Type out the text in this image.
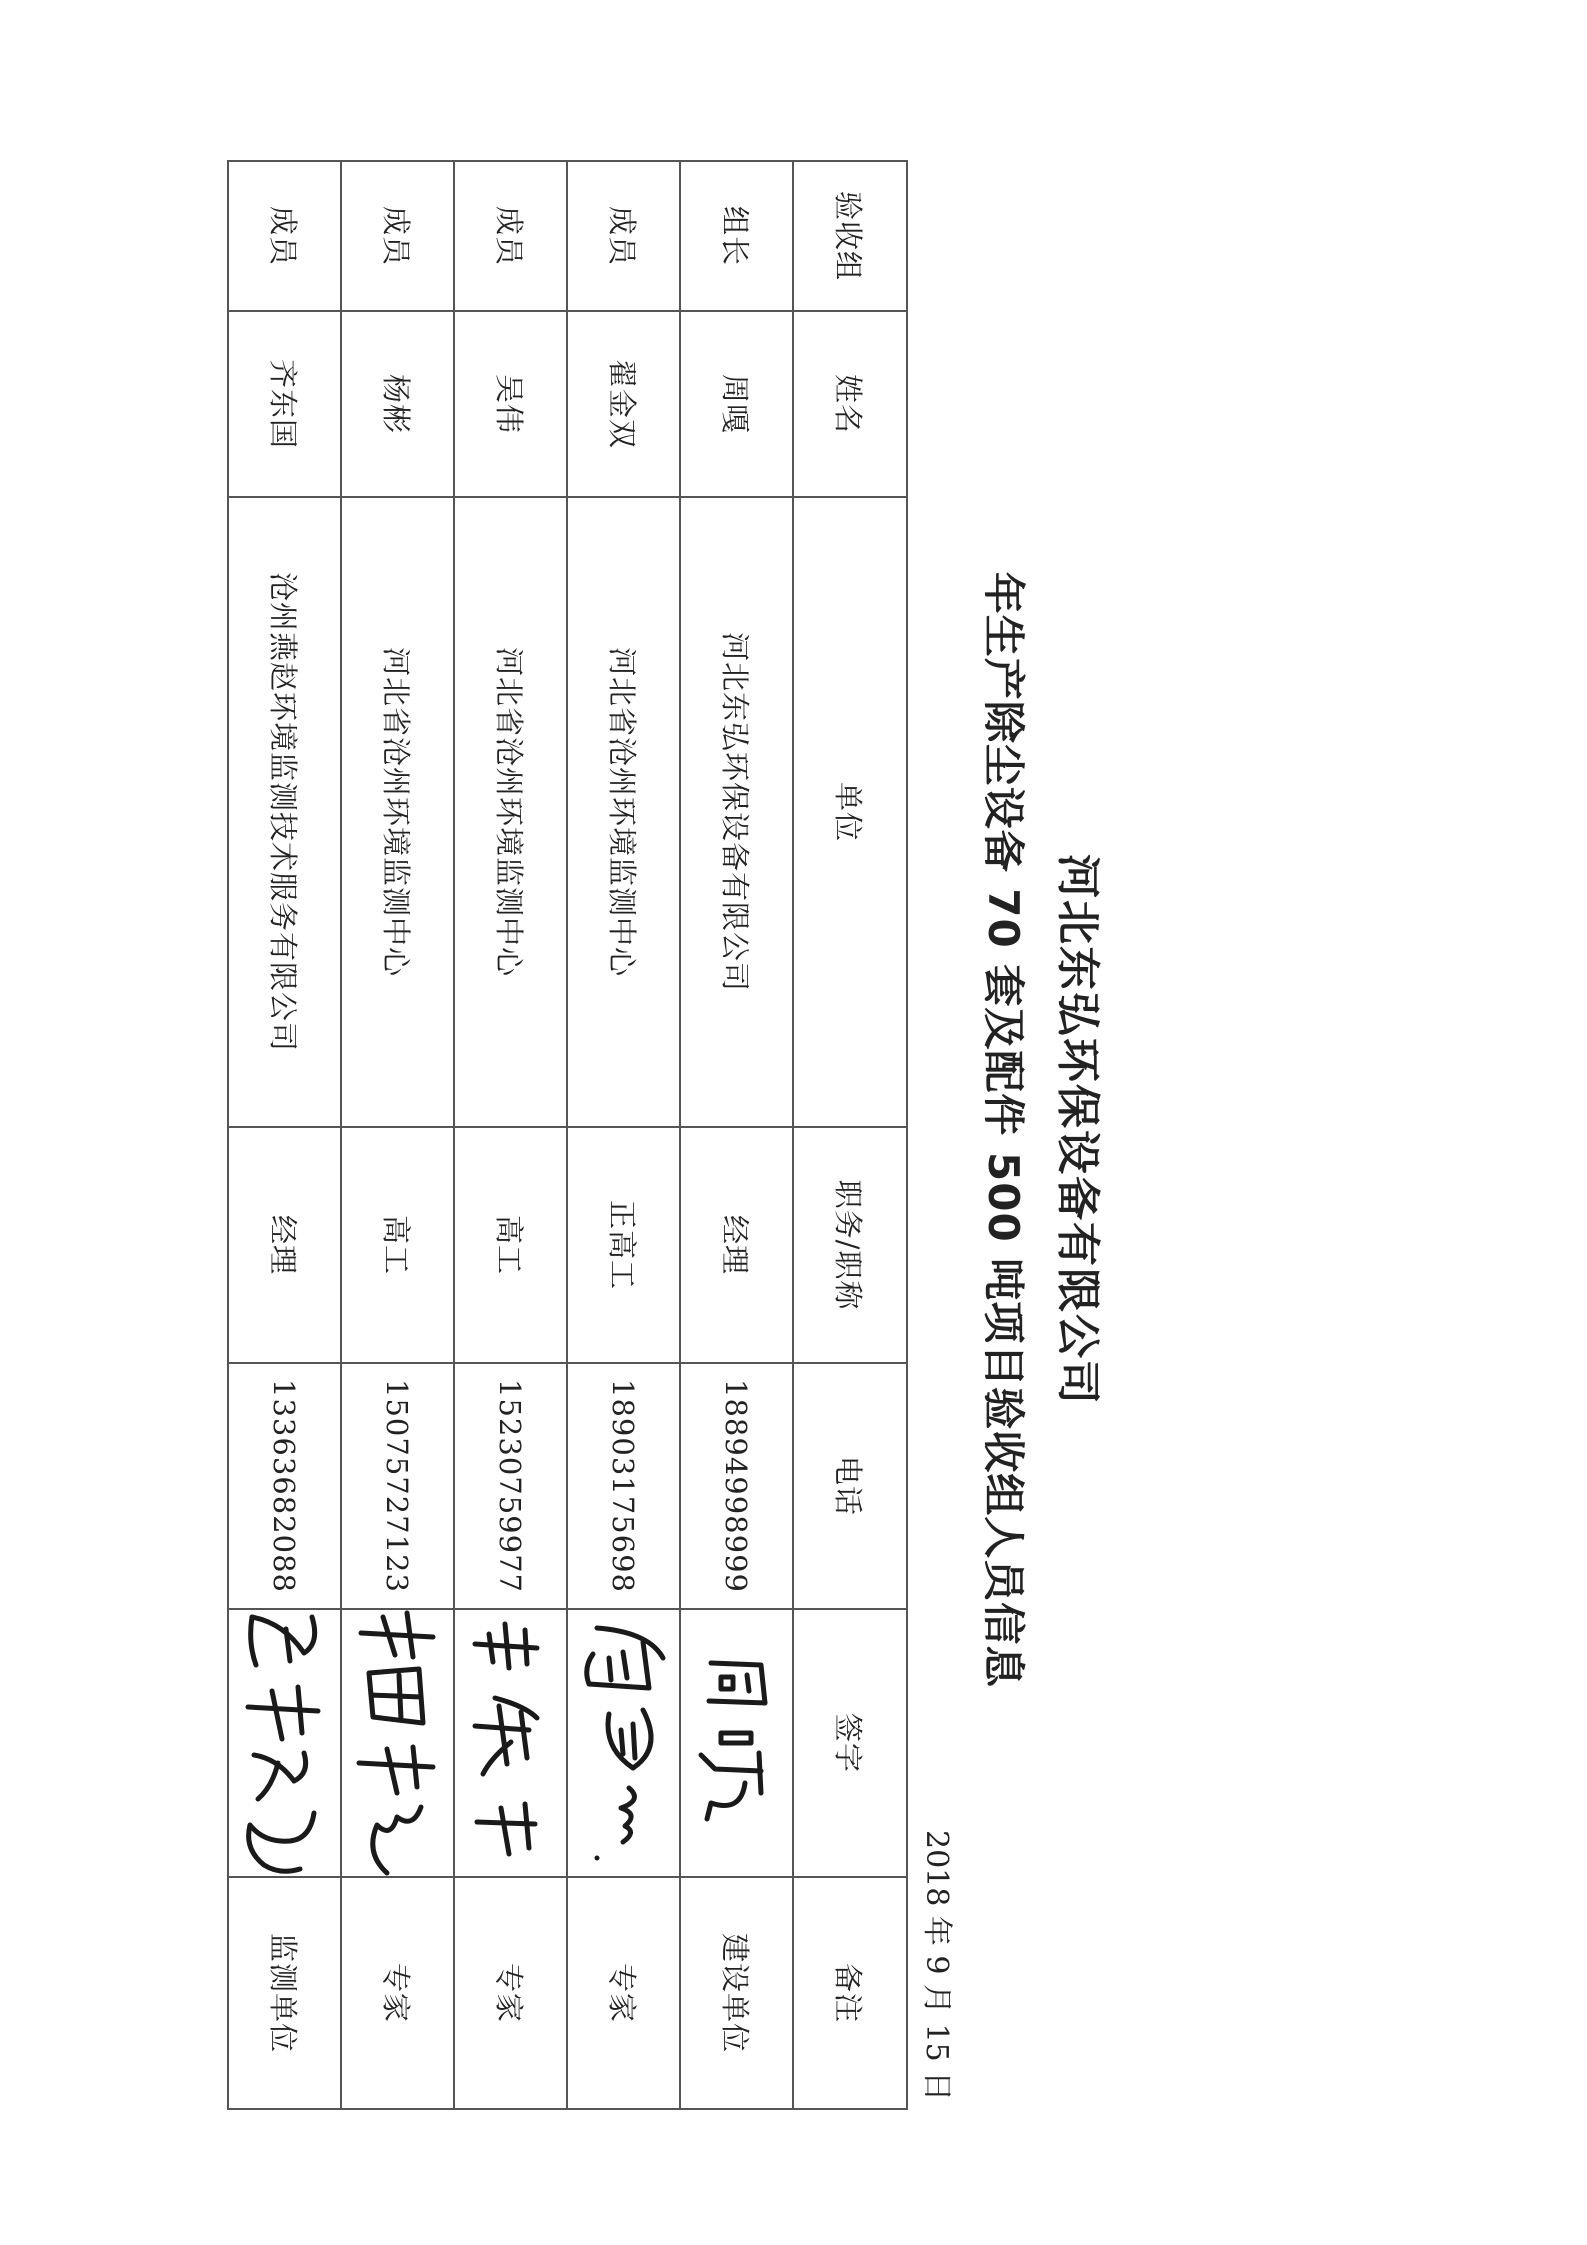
河北东弘环保设备有限公司
年生产除尘设备 70 套及配件 500 吨项目验收组人员信息
2018 年 9 月 15 日
验收组	姓名	单位	职务/职称	电话	签字	备注
组长	周嘎	河北东弘环保设备有限公司	经理	18894998999		建设单位
成员	翟金双	河北省沧州环境监测中心	正高工	18903175698		专家
成员	吴伟	河北省沧州环境监测中心	高工	15230759977		专家
成员	杨彬	河北省沧州环境监测中心	高工	15075727123		专家
成员	齐东国	沧州燕赵环境监测技术服务有限公司	经理	13363682088		监测单位
